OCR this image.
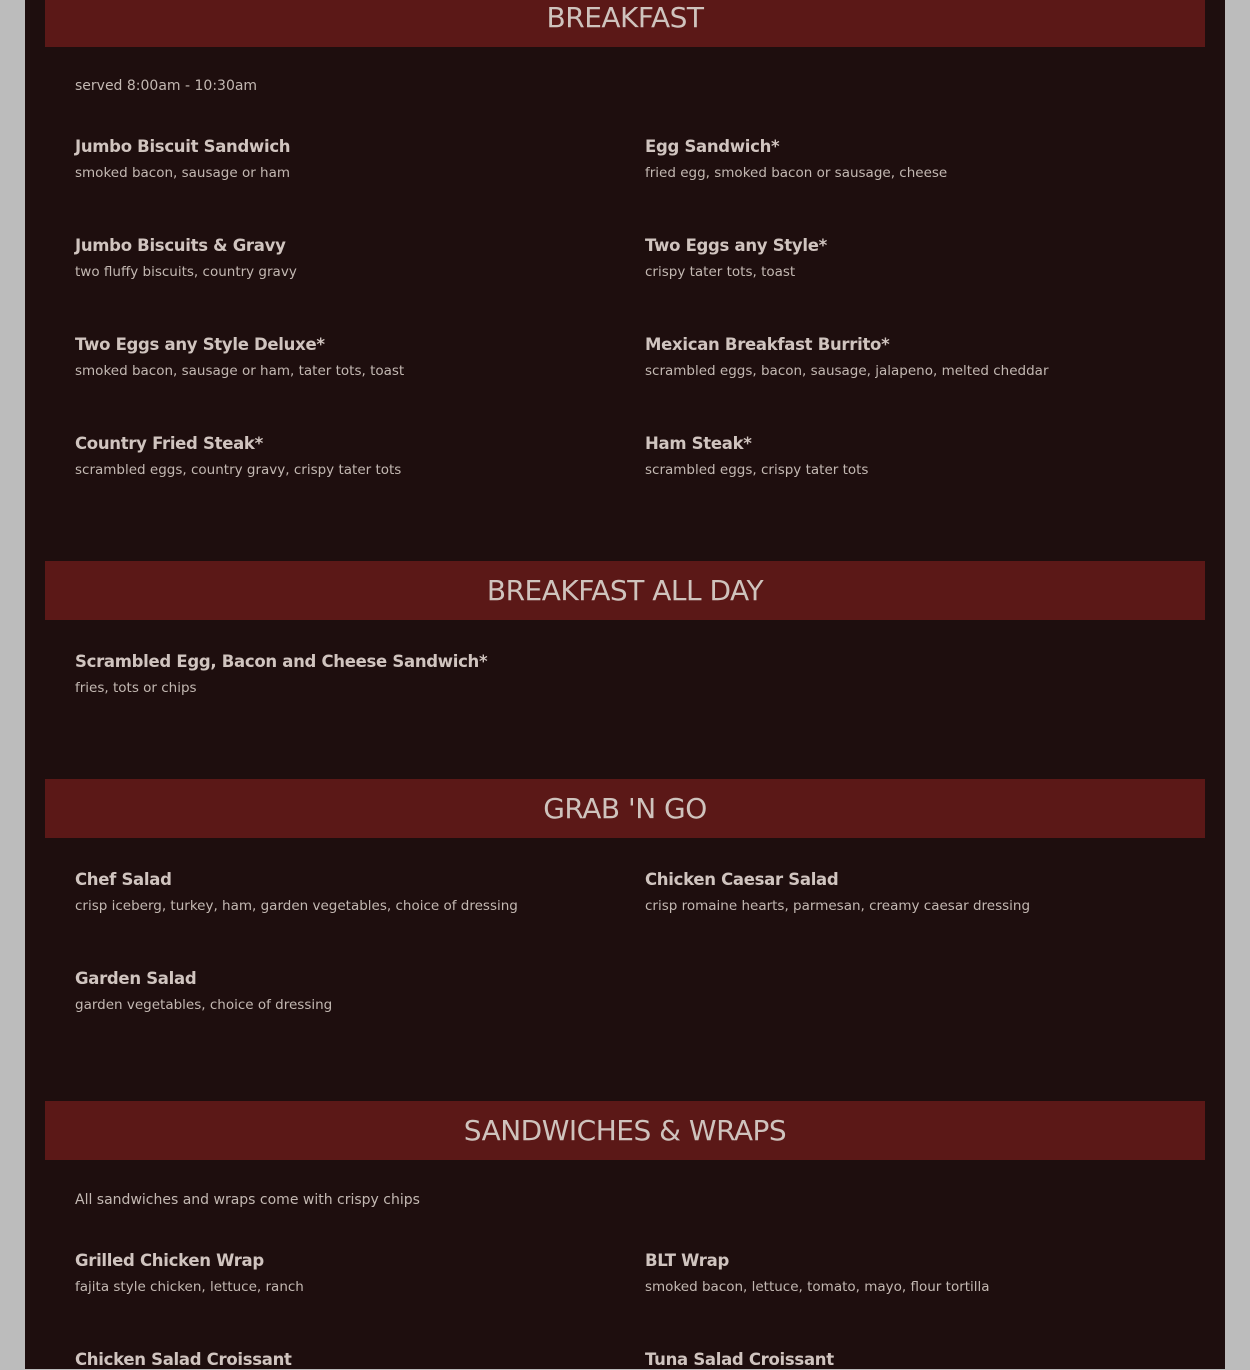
BREAKFAST
served 8:00am - 10:30am
Jumbo Biscuit Sandwich
smoked bacon, sausage or ham
Egg Sandwich*
fried egg, smoked bacon or sausage, cheese
Jumbo Biscuits & Gravy
two fluffy biscuits, country gravy
Two Eggs any Style*
crispy tater tots, toast
Two Eggs any Style Deluxe*
smoked bacon, sausage or ham, tater tots, toast
Mexican Breakfast Burrito*
scrambled eggs, bacon, sausage, jalapeno, melted cheddar
Country Fried Steak*
scrambled eggs, country gravy, crispy tater tots
Ham Steak*
scrambled eggs, crispy tater tots
BREAKFAST ALL DAY
Scrambled Egg, Bacon and Cheese Sandwich*
fries, tots or chips
GRAB 'N GO
Chef Salad
crisp iceberg, turkey, ham, garden vegetables, choice of dressing
Chicken Caesar Salad
crisp romaine hearts, parmesan, creamy caesar dressing
Garden Salad
garden vegetables, choice of dressing
SANDWICHES & WRAPS
All sandwiches and wraps come with crispy chips
Grilled Chicken Wrap
fajita style chicken, lettuce, ranch
BLT Wrap
smoked bacon, lettuce, tomato, mayo, flour tortilla
Chicken Salad Croissant	Tuna Salad Croissant
